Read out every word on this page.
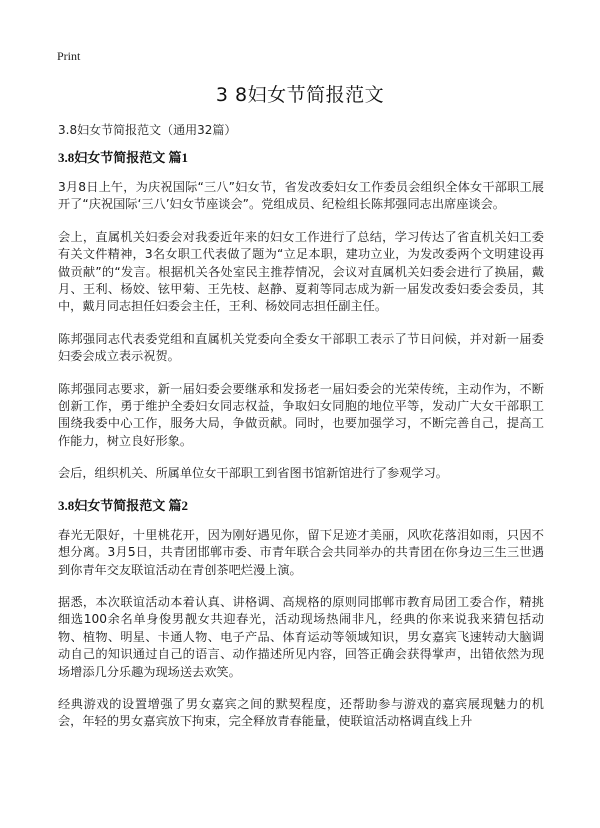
Print
3 8妇女节简报范文

3.8妇女节简报范文（通用32篇）

3.8妇女节简报范文 篇1

3月8日上午，为庆祝国际“三八”妇女节，省发改委妇女工作委员会组织全体女干部职工展开了“庆祝国际‘三八’妇女节座谈会”。党组成员、纪检组长陈邦强同志出席座谈会。

会上，直属机关妇委会对我委近年来的妇女工作进行了总结，学习传达了省直机关妇工委有关文件精神，3名女职工代表做了题为“立足本职，建功立业，为发改委两个文明建设再做贡献”的“发言。根据机关各处室民主推荐情况，会议对直属机关妇委会进行了换届，戴月、王利、杨姣、铉甲菊、王先枝、赵静、夏莉等同志成为新一届发改委妇委会委员，其中，戴月同志担任妇委会主任，王利、杨姣同志担任副主任。

陈邦强同志代表委党组和直属机关党委向全委女干部职工表示了节日问候，并对新一届委妇委会成立表示祝贺。

陈邦强同志要求，新一届妇委会要继承和发扬老一届妇委会的光荣传统，主动作为，不断创新工作，勇于维护全委妇女同志权益，争取妇女同胞的地位平等，发动广大女干部职工围绕我委中心工作，服务大局，争做贡献。同时，也要加强学习，不断完善自己，提高工作能力，树立良好形象。

会后，组织机关、所属单位女干部职工到省图书馆新馆进行了参观学习。

3.8妇女节简报范文 篇2

春光无限好，十里桃花开，因为刚好遇见你，留下足迹才美丽，风吹花落泪如雨，只因不想分离。3月5日，共青团邯郸市委、市青年联合会共同举办的共青团在你身边三生三世遇到你青年交友联谊活动在青创茶吧烂漫上演。

据悉，本次联谊活动本着认真、讲格调、高规格的原则同邯郸市教育局团工委合作，精挑细选100余名单身俊男靓女共迎春光，活动现场热闹非凡，经典的你来说我来猜包括动物、植物、明星、卡通人物、电子产品、体育运动等领域知识，男女嘉宾飞速转动大脑调动自己的知识通过自己的语言、动作描述所见内容，回答正确会获得掌声，出错依然为现场增添几分乐趣为现场送去欢笑。

经典游戏的设置增强了男女嘉宾之间的默契程度，还帮助参与游戏的嘉宾展现魅力的机会，年轻的男女嘉宾放下拘束，完全释放青春能量，使联谊活动格调直线上升
